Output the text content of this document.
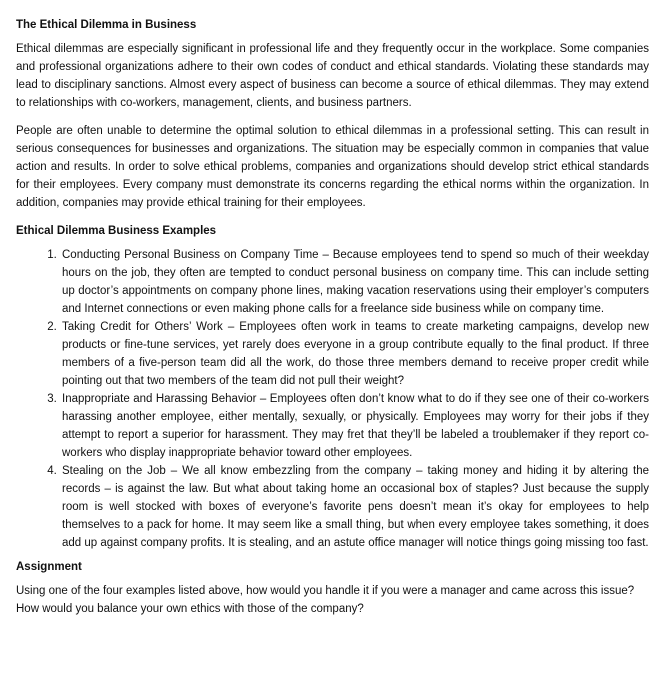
The Ethical Dilemma in Business

Ethical dilemmas are especially significant in professional life and they frequently occur in the workplace. Some companies and professional organizations adhere to their own codes of conduct and ethical standards. Violating these standards may lead to disciplinary sanctions. Almost every aspect of business can become a source of ethical dilemmas. They may extend to relationships with co-workers, management, clients, and business partners.

People are often unable to determine the optimal solution to ethical dilemmas in a professional setting. This can result in serious consequences for businesses and organizations. The situation may be especially common in companies that value action and results. In order to solve ethical problems, companies and organizations should develop strict ethical standards for their employees. Every company must demonstrate its concerns regarding the ethical norms within the organization. In addition, companies may provide ethical training for their employees.

Ethical Dilemma Business Examples
1. Conducting Personal Business on Company Time – Because employees tend to spend so much of their weekday hours on the job, they often are tempted to conduct personal business on company time. This can include setting up doctor’s appointments on company phone lines, making vacation reservations using their employer’s computers and Internet connections or even making phone calls for a freelance side business while on company time.
2. Taking Credit for Others’ Work – Employees often work in teams to create marketing campaigns, develop new products or fine-tune services, yet rarely does everyone in a group contribute equally to the final product. If three members of a five-person team did all the work, do those three members demand to receive proper credit while pointing out that two members of the team did not pull their weight?
3. Inappropriate and Harassing Behavior – Employees often don’t know what to do if they see one of their co-workers harassing another employee, either mentally, sexually, or physically. Employees may worry for their jobs if they attempt to report a superior for harassment. They may fret that they’ll be labeled a troublemaker if they report co-workers who display inappropriate behavior toward other employees.
4. Stealing on the Job – We all know embezzling from the company – taking money and hiding it by altering the records – is against the law. But what about taking home an occasional box of staples? Just because the supply room is well stocked with boxes of everyone’s favorite pens doesn’t mean it’s okay for employees to help themselves to a pack for home. It may seem like a small thing, but when every employee takes something, it does add up against company profits. It is stealing, and an astute office manager will notice things going missing too fast.
Assignment

Using one of the four examples listed above, how would you handle it if you were a manager and came across this issue? How would you balance your own ethics with those of the company?
